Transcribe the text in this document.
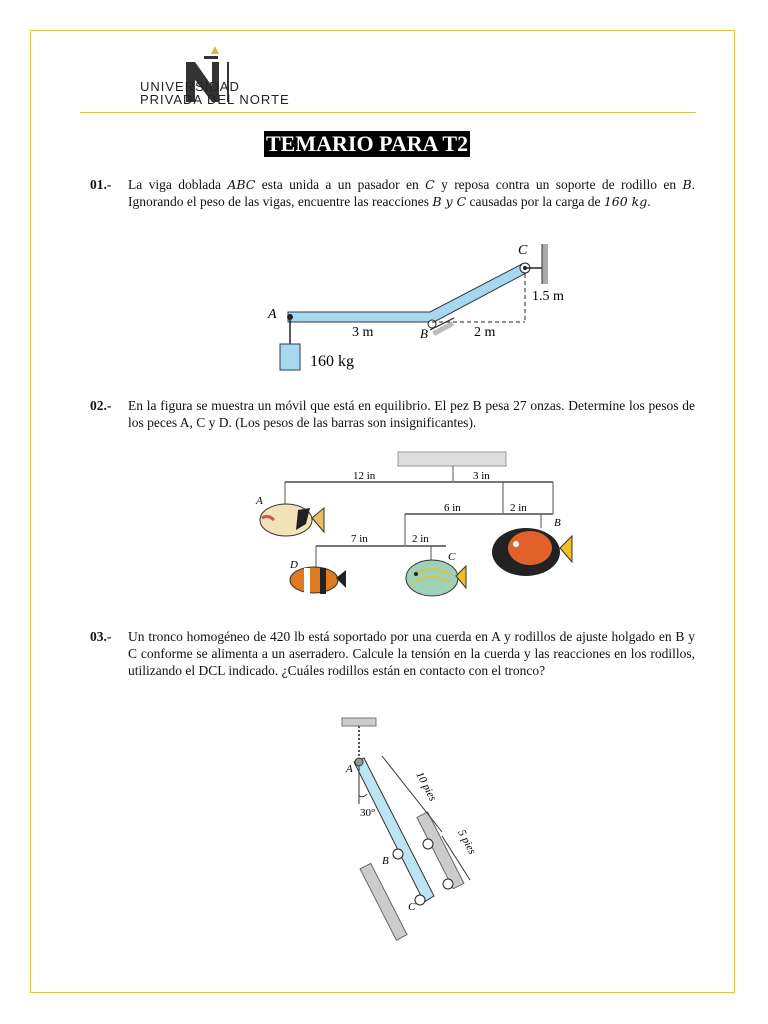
UNIVERSIDAD
PRIVADA DEL NORTE
TEMARIO PARA T2
01.- La viga doblada ABC esta unida a un pasador en C y reposa contra un soporte de rodillo en B. Ignorando el peso de las vigas, encuentre las reacciones B y C causadas por la carga de 160 kg.
A
B
C
3 m	2 m
1.5 m
160 kg
02.- En la figura se muestra un móvil que está en equilibrio. El pez B pesa 27 onzas. Determine los pesos de los peces A, C y D. (Los pesos de las barras son insignificantes).
12 in	3 in
6 in	2 in
7 in	2 in
A
B
C
D
03.- Un tronco homogéneo de 420 lb está soportado por una cuerda en A y rodillos de ajuste holgado en B y C conforme se alimenta a un aserradero. Calcule la tensión en la cuerda y las reacciones en los rodillos, utilizando el DCL indicado. ¿Cuáles rodillos están en contacto con el tronco?
30°
10 pies
5 pies
A
B
C
